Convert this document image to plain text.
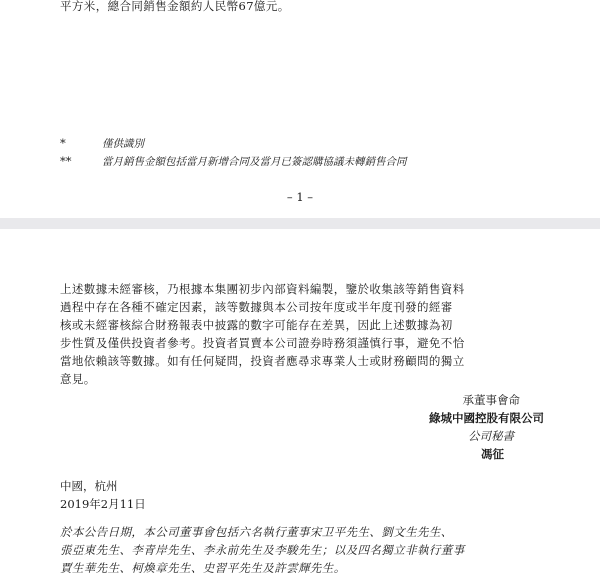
平方米，總合同銷售金額約人民幣67億元。

*	僅供識別

**	當月銷售金額包括當月新增合同及當月已簽認購協議未轉銷售合同

– 1 –

上述數據未經審核，乃根據本集團初步內部資料編製，鑒於收集該等銷售資料

過程中存在各種不確定因素，該等數據與本公司按年度或半年度刊發的經審

核或未經審核綜合財務報表中披露的數字可能存在差異，因此上述數據為初

步性質及僅供投資者參考。投資者買賣本公司證券時務須謹慎行事，避免不恰

當地依賴該等數據。如有任何疑問，投資者應尋求專業人士或財務顧問的獨立

意見。

承董事會命

綠城中國控股有限公司

公司秘書

馮征

中國，杭州

2019年2月11日

於本公告日期，本公司董事會包括六名執行董事宋卫平先生、劉文生先生、

張亞東先生、李青岸先生、李永前先生及李駿先生；以及四名獨立非執行董事

賈生華先生、柯煥章先生、史習平先生及許雲輝先生。
